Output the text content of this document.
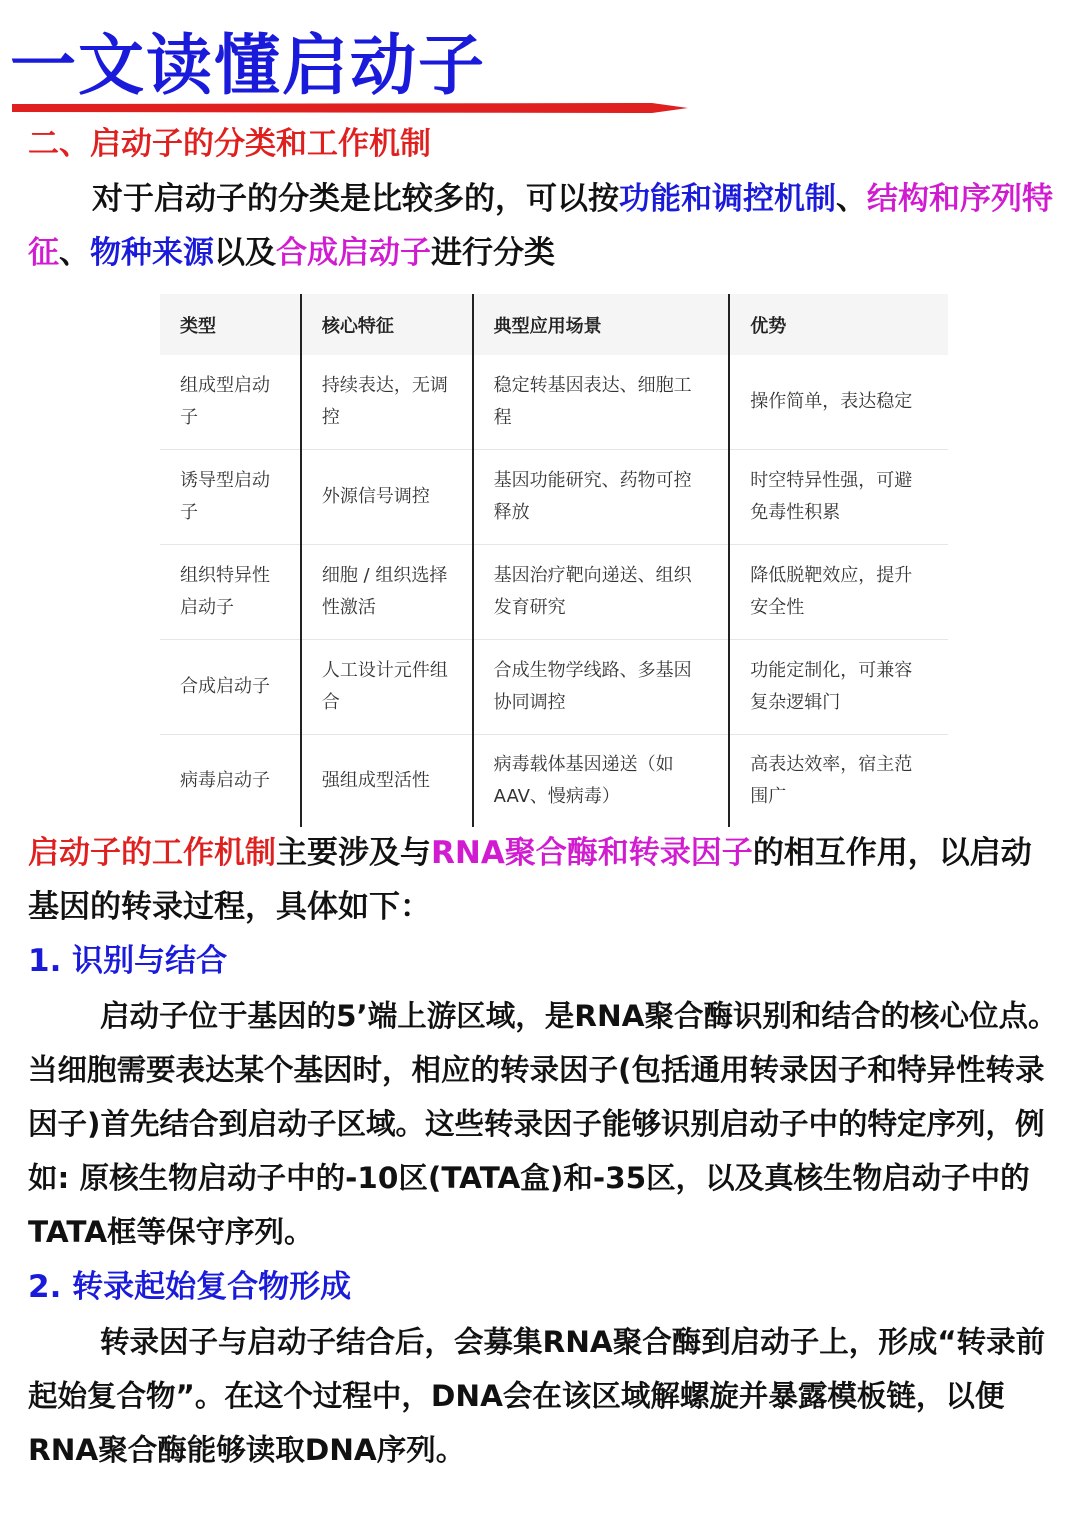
一文读懂启动子
二、启动子的分类和工作机制
对于启动子的分类是比较多的，可以按功能和调控机制、结构和序列特征、物种来源以及合成启动子进行分类
类型	核心特征	典型应用场景	优势
组成型启动子	持续表达，无调控	稳定转基因表达、细胞工程	操作简单，表达稳定
诱导型启动子	外源信号调控	基因功能研究、药物可控释放	时空特异性强，可避免毒性积累
组织特异性启动子	细胞 / 组织选择性激活	基因治疗靶向递送、组织发育研究	降低脱靶效应，提升安全性
合成启动子	人工设计元件组合	合成生物学线路、多基因协同调控	功能定制化，可兼容复杂逻辑门
病毒启动子	强组成型活性	病毒载体基因递送（如 AAV、慢病毒）	高表达效率，宿主范围广
启动子的工作机制主要涉及与RNA聚合酶和转录因子的相互作用，以启动基因的转录过程，具体如下：
1. 识别与结合
启动子位于基因的5’端上游区域，是RNA聚合酶识别和结合的核心位点。当细胞需要表达某个基因时，相应的转录因子(包括通用转录因子和特异性转录因子)首先结合到启动子区域。这些转录因子能够识别启动子中的特定序列，例如: 原核生物启动子中的-10区(TATA盒)和-35区，以及真核生物启动子中的TATA框等保守序列。
2. 转录起始复合物形成
转录因子与启动子结合后，会募集RNA聚合酶到启动子上，形成“转录前起始复合物”。在这个过程中，DNA会在该区域解螺旋并暴露模板链，以便RNA聚合酶能够读取DNA序列。
